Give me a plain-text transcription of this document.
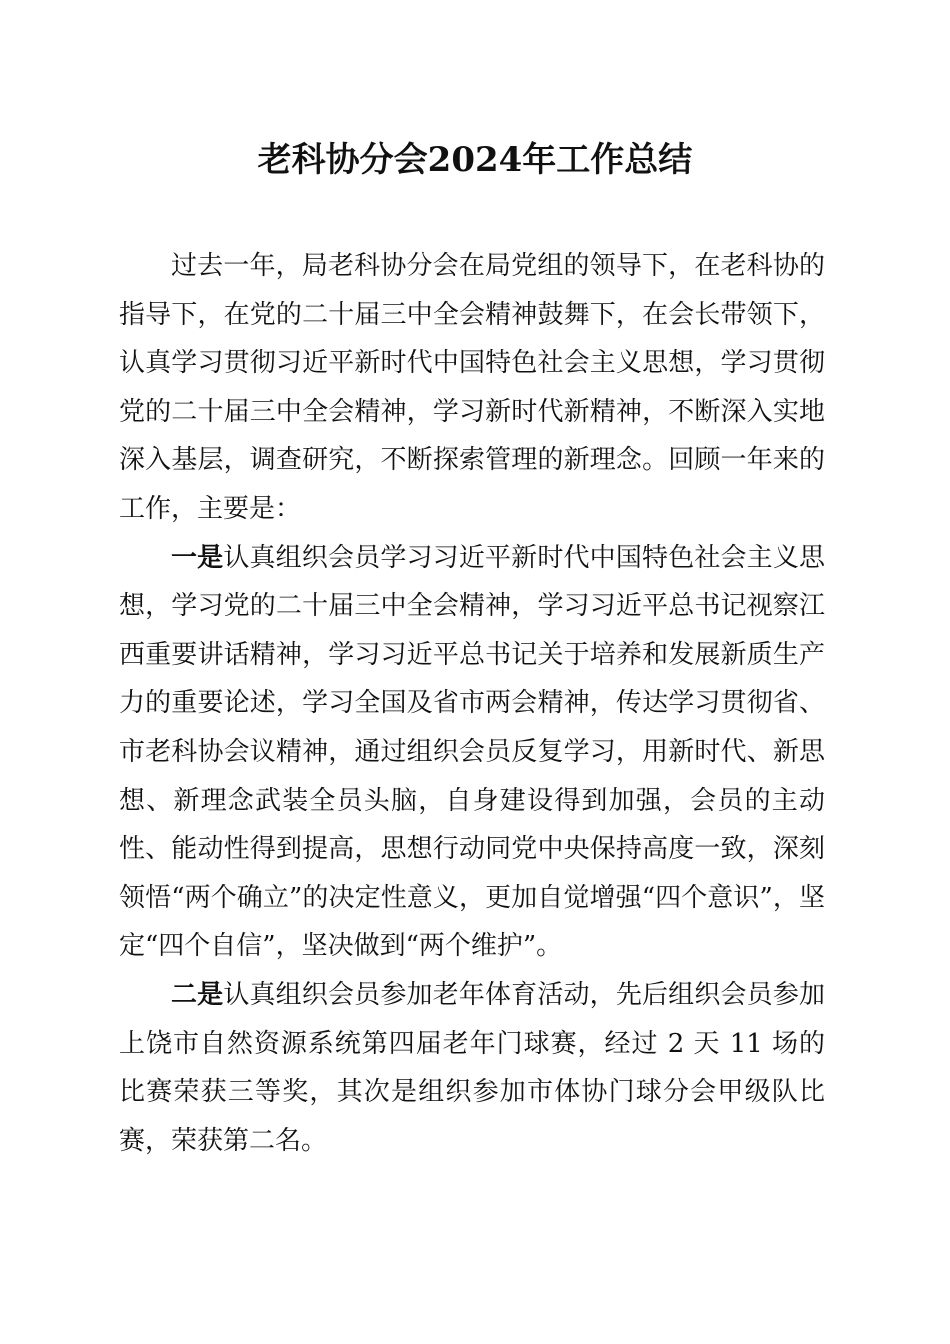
老科协分会2024年工作总结

过去一年，局老科协分会在局党组的领导下，在老科协的指导下，在党的二十届三中全会精神鼓舞下，在会长带领下，认真学习贯彻习近平新时代中国特色社会主义思想，学习贯彻党的二十届三中全会精神，学习新时代新精神，不断深入实地深入基层，调查研究，不断探索管理的新理念。回顾一年来的工作，主要是：

一是认真组织会员学习习近平新时代中国特色社会主义思想，学习党的二十届三中全会精神，学习习近平总书记视察江西重要讲话精神，学习习近平总书记关于培养和发展新质生产力的重要论述，学习全国及省市两会精神，传达学习贯彻省、市老科协会议精神，通过组织会员反复学习，用新时代、新思想、新理念武装全员头脑，自身建设得到加强，会员的主动性、能动性得到提高，思想行动同党中央保持高度一致，深刻领悟“两个确立”的决定性意义，更加自觉增强“四个意识”，坚定“四个自信”，坚决做到“两个维护”。

二是认真组织会员参加老年体育活动，先后组织会员参加上饶市自然资源系统第四届老年门球赛，经过 2 天 11 场的比赛荣获三等奖，其次是组织参加市体协门球分会甲级队比赛，荣获第二名。
